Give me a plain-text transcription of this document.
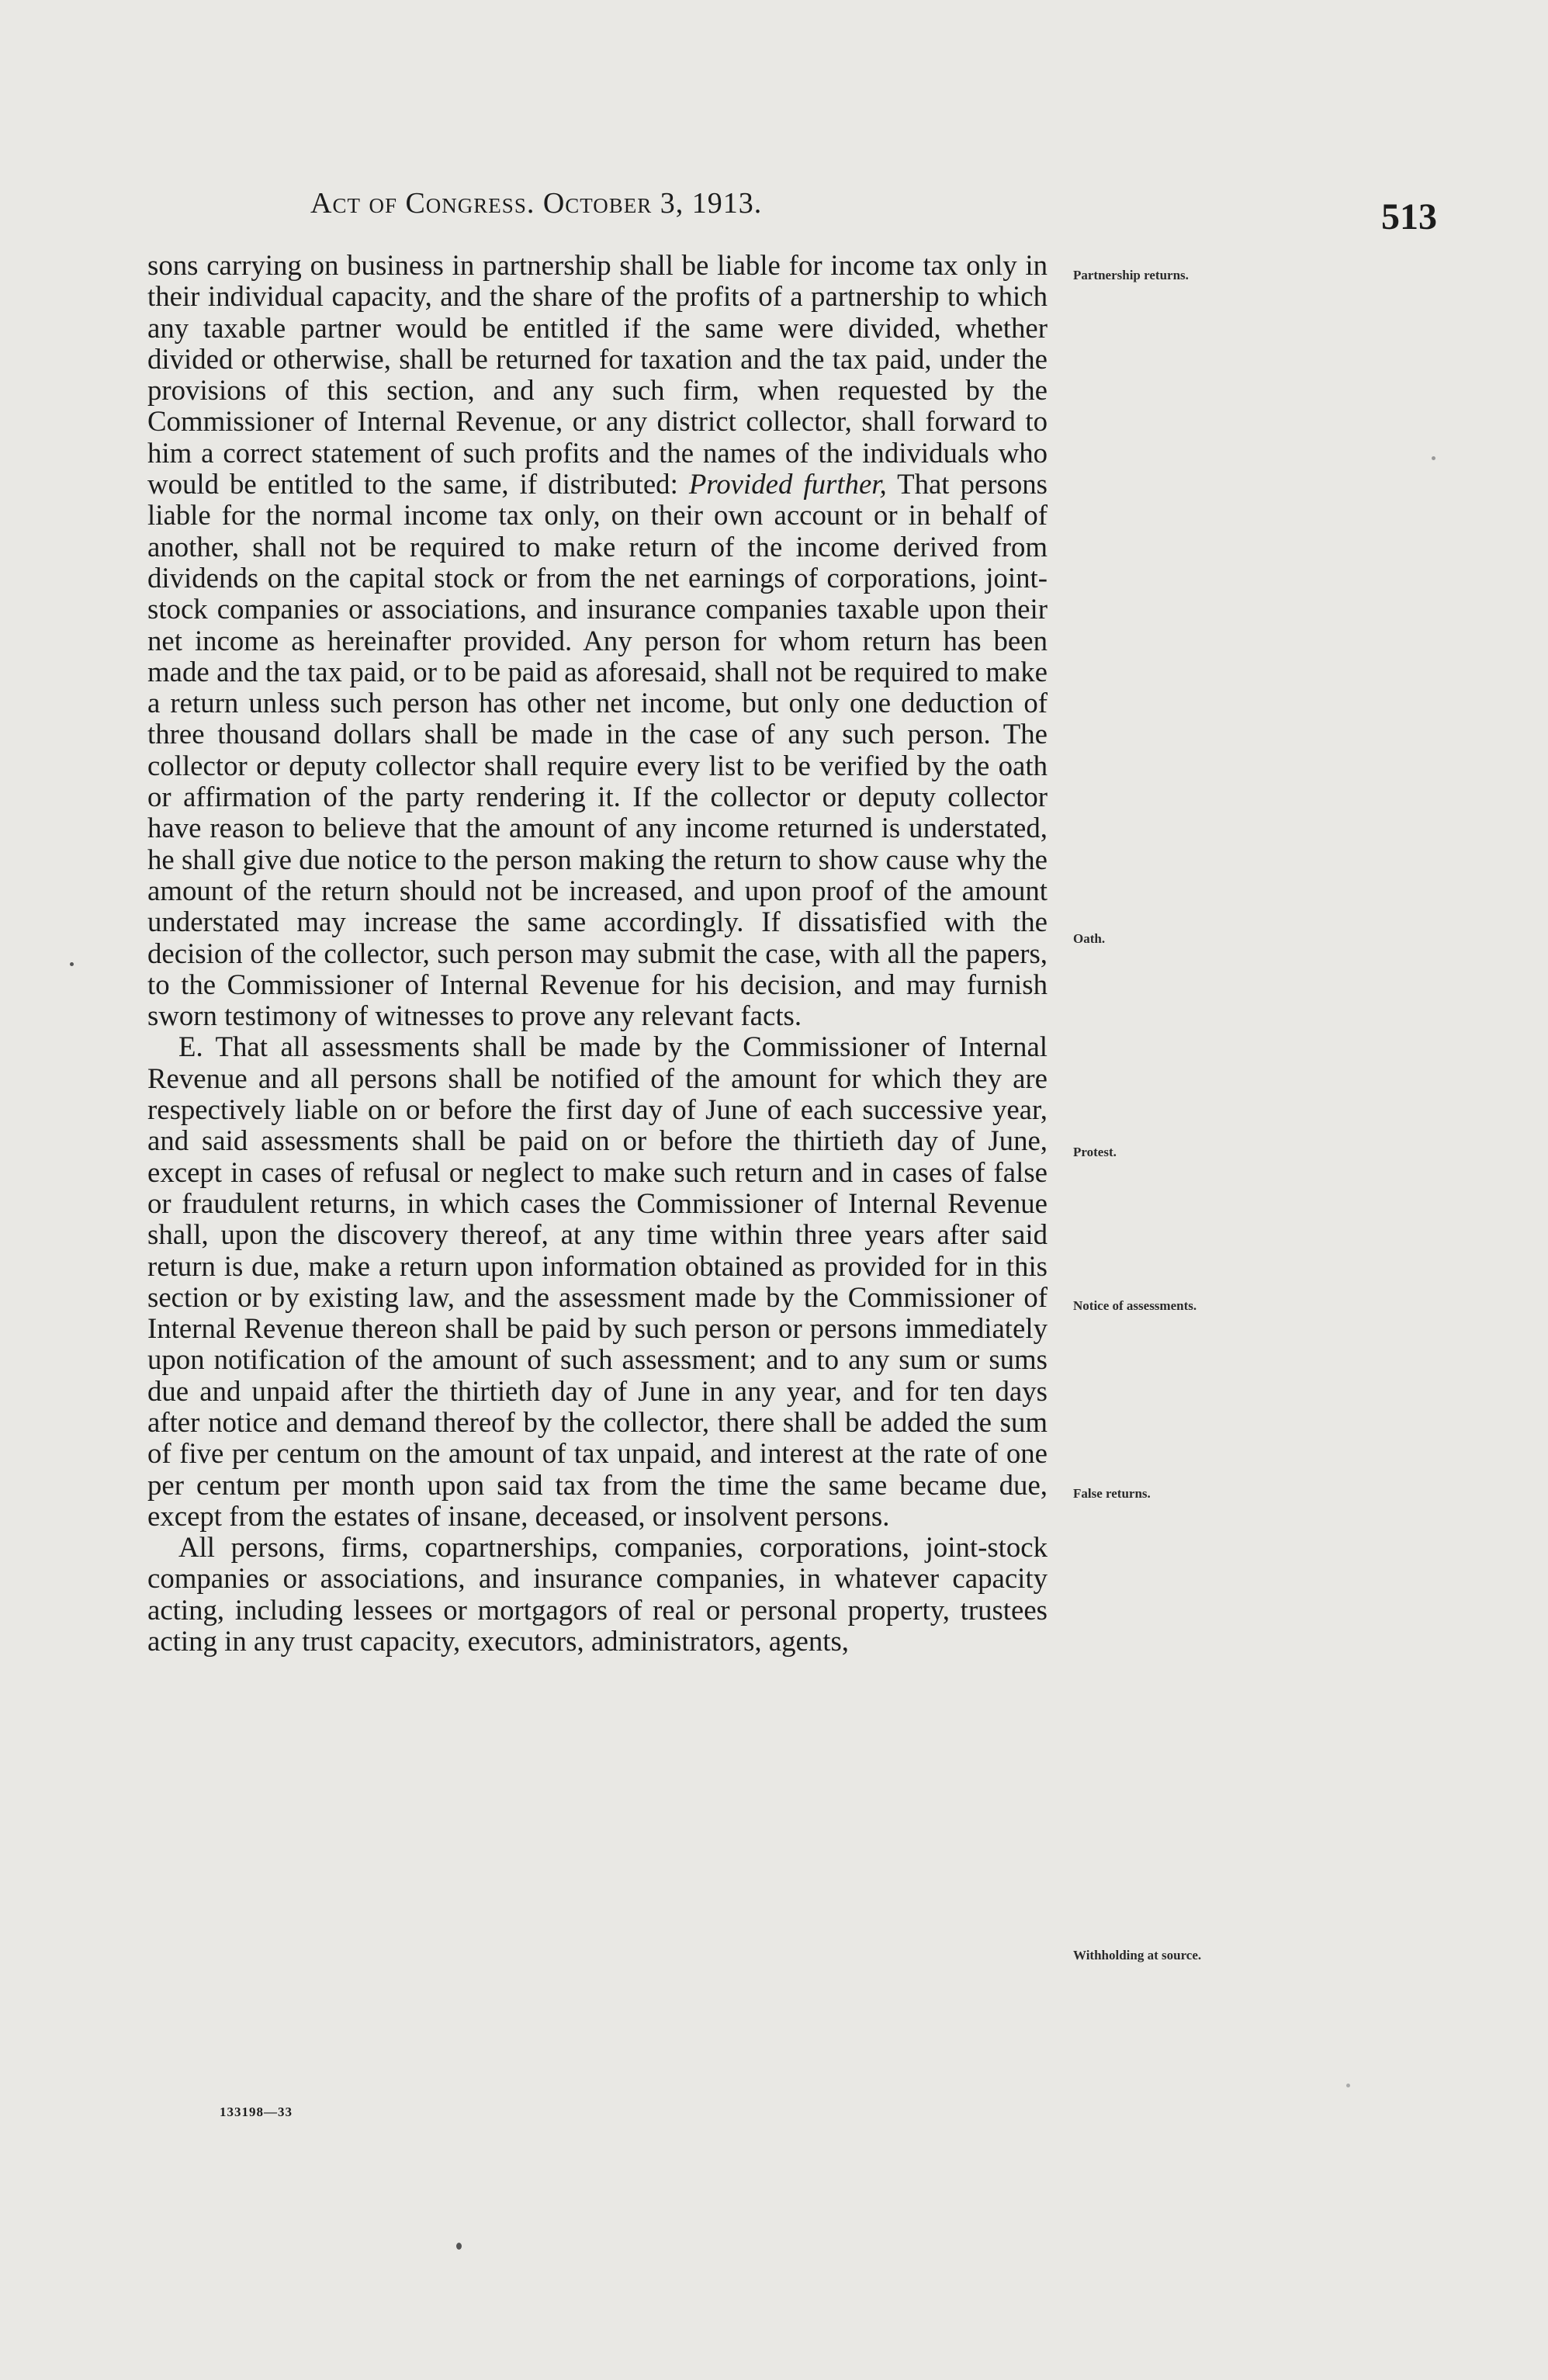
Act of Congress. October 3, 1913.	513

sons carrying on business in partnership shall be liable for income tax only in their individual capacity, and the share of the profits of a partnership to which any taxable partner would be entitled if the same were divided, whether divided or otherwise, shall be returned for taxation and the tax paid, under the provisions of this section, and any such firm, when requested by the Commissioner of Internal Revenue, or any district collector, shall forward to him a correct statement of such profits and the names of the individuals who would be entitled to the same, if distributed: Provided further, That persons liable for the normal income tax only, on their own account or in behalf of another, shall not be required to make return of the income derived from dividends on the capital stock or from the net earnings of corporations, joint-stock companies or associations, and insurance companies taxable upon their net income as hereinafter provided. Any person for whom return has been made and the tax paid, or to be paid as aforesaid, shall not be required to make a return unless such person has other net income, but only one deduction of three thousand dollars shall be made in the case of any such person. The collector or deputy collector shall require every list to be verified by the oath or affirmation of the party rendering it. If the collector or deputy collector have reason to believe that the amount of any income returned is understated, he shall give due notice to the person making the return to show cause why the amount of the return should not be increased, and upon proof of the amount understated may increase the same accordingly. If dissatisfied with the decision of the collector, such person may submit the case, with all the papers, to the Commissioner of Internal Revenue for his decision, and may furnish sworn testimony of witnesses to prove any relevant facts.

E. That all assessments shall be made by the Commissioner of Internal Revenue and all persons shall be notified of the amount for which they are respectively liable on or before the first day of June of each successive year, and said assessments shall be paid on or before the thirtieth day of June, except in cases of refusal or neglect to make such return and in cases of false or fraudulent returns, in which cases the Commissioner of Internal Revenue shall, upon the discovery thereof, at any time within three years after said return is due, make a return upon information obtained as provided for in this section or by existing law, and the assessment made by the Commissioner of Internal Revenue thereon shall be paid by such person or persons immediately upon notification of the amount of such assessment; and to any sum or sums due and unpaid after the thirtieth day of June in any year, and for ten days after notice and demand thereof by the collector, there shall be added the sum of five per centum on the amount of tax unpaid, and interest at the rate of one per centum per month upon said tax from the time the same became due, except from the estates of insane, deceased, or insolvent persons.

All persons, firms, copartnerships, companies, corporations, joint-stock companies or associations, and insurance companies, in whatever capacity acting, including lessees or mortgagors of real or personal property, trustees acting in any trust capacity, executors, administrators, agents,

Partnership returns.
Oath.
Protest.
Notice of assessments.
False returns.
Withholding at source.
133198—33
